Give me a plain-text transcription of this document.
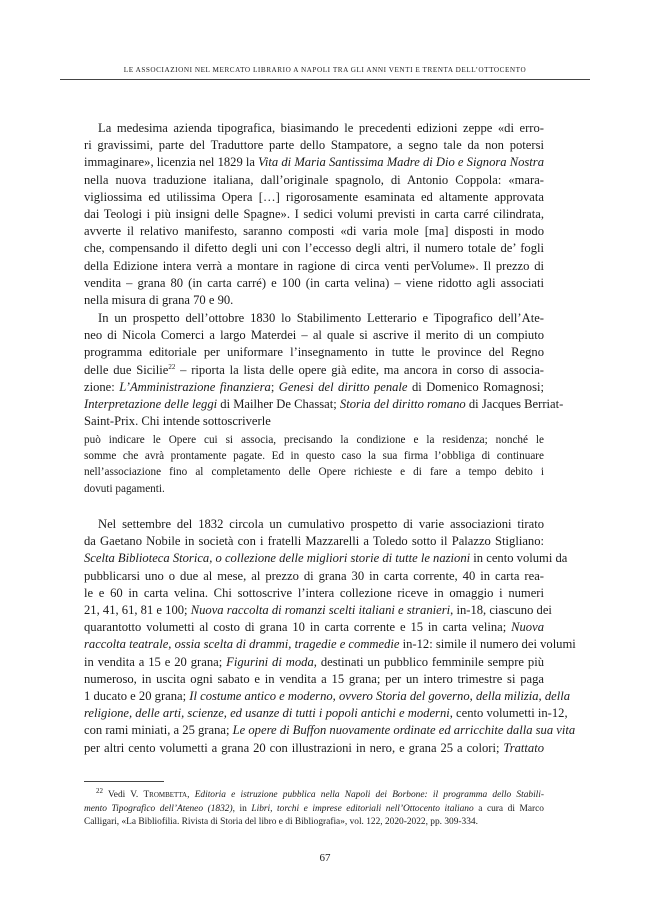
LE ASSOCIAZIONI NEL MERCATO LIBRARIO A NAPOLI TRA GLI ANNI VENTI E TRENTA DELL’OTTOCENTO
La medesima azienda tipografica, biasimando le precedenti edizioni zeppe «di erro-
ri gravissimi, parte del Traduttore parte dello Stampatore, a segno tale da non potersi
immaginare», licenzia nel 1829 la Vita di Maria Santissima Madre di Dio e Signora Nostra
nella nuova traduzione italiana, dall’originale spagnolo, di Antonio Coppola: «mara-
vigliossima ed utilissima Opera […] rigorosamente esaminata ed altamente approvata
dai Teologi i più insigni delle Spagne». I sedici volumi previsti in carta carré cilindrata,
avverte il relativo manifesto, saranno composti «di varia mole [ma] disposti in modo
che, compensando il difetto degli uni con l’eccesso degli altri, il numero totale de’ fogli
della Edizione intera verrà a montare in ragione di circa venti perVolume». Il prezzo di
vendita – grana 80 (in carta carré) e 100 (in carta velina) – viene ridotto agli associati
nella misura di grana 70 e 90.
In un prospetto dell’ottobre 1830 lo Stabilimento Letterario e Tipografico dell’Ate-
neo di Nicola Comerci a largo Materdei – al quale si ascrive il merito di un compiuto
programma editoriale per uniformare l’insegnamento in tutte le province del Regno
delle due Sicilie$^{22}$ – riporta la lista delle opere già edite, ma ancora in corso di associa-
zione: L’Amministrazione finanziera; Genesi del diritto penale di Domenico Romagnosi;
Interpretazione delle leggi di Mailher De Chassat; Storia del diritto romano di Jacques Berriat-
Saint-Prix. Chi intende sottoscriverle
può indicare le Opere cui si associa, precisando la condizione e la residenza; nonché le
somme che avrà prontamente pagate. Ed in questo caso la sua firma l’obbliga di continuare
nell’associazione fino al completamento delle Opere richieste e di fare a tempo debito i
dovuti pagamenti.
Nel settembre del 1832 circola un cumulativo prospetto di varie associazioni tirato
da Gaetano Nobile in società con i fratelli Mazzarelli a Toledo sotto il Palazzo Stigliano:
Scelta Biblioteca Storica, o collezione delle migliori storie di tutte le nazioni in cento volumi da
pubblicarsi uno o due al mese, al prezzo di grana 30 in carta corrente, 40 in carta rea-
le e 60 in carta velina. Chi sottoscrive l’intera collezione riceve in omaggio i numeri
21, 41, 61, 81 e 100; Nuova raccolta di romanzi scelti italiani e stranieri, in-18, ciascuno dei
quarantotto volumetti al costo di grana 10 in carta corrente e 15 in carta velina; Nuova
raccolta teatrale, ossia scelta di drammi, tragedie e commedie in-12: simile il numero dei volumi
in vendita a 15 e 20 grana; Figurini di moda, destinati un pubblico femminile sempre più
numeroso, in uscita ogni sabato e in vendita a 15 grana; per un intero trimestre si paga
1 ducato e 20 grana; Il costume antico e moderno, ovvero Storia del governo, della milizia, della
religione, delle arti, scienze, ed usanze di tutti i popoli antichi e moderni, cento volumetti in-12,
con rami miniati, a 25 grana; Le opere di Buffon nuovamente ordinate ed arricchite dalla sua vita
per altri cento volumetti a grana 20 con illustrazioni in nero, e grana 25 a colori; Trattato
$^{22}$ Vedi V. Trombetta, Editoria e istruzione pubblica nella Napoli dei Borbone: il programma dello Stabili-
mento Tipografico dell’Ateneo (1832), in Libri, torchi e imprese editoriali nell’Ottocento italiano a cura di Marco
Calligari, «La Bibliofilia. Rivista di Storia del libro e di Bibliografia», vol. 122, 2020-2022, pp. 309-334.
67
